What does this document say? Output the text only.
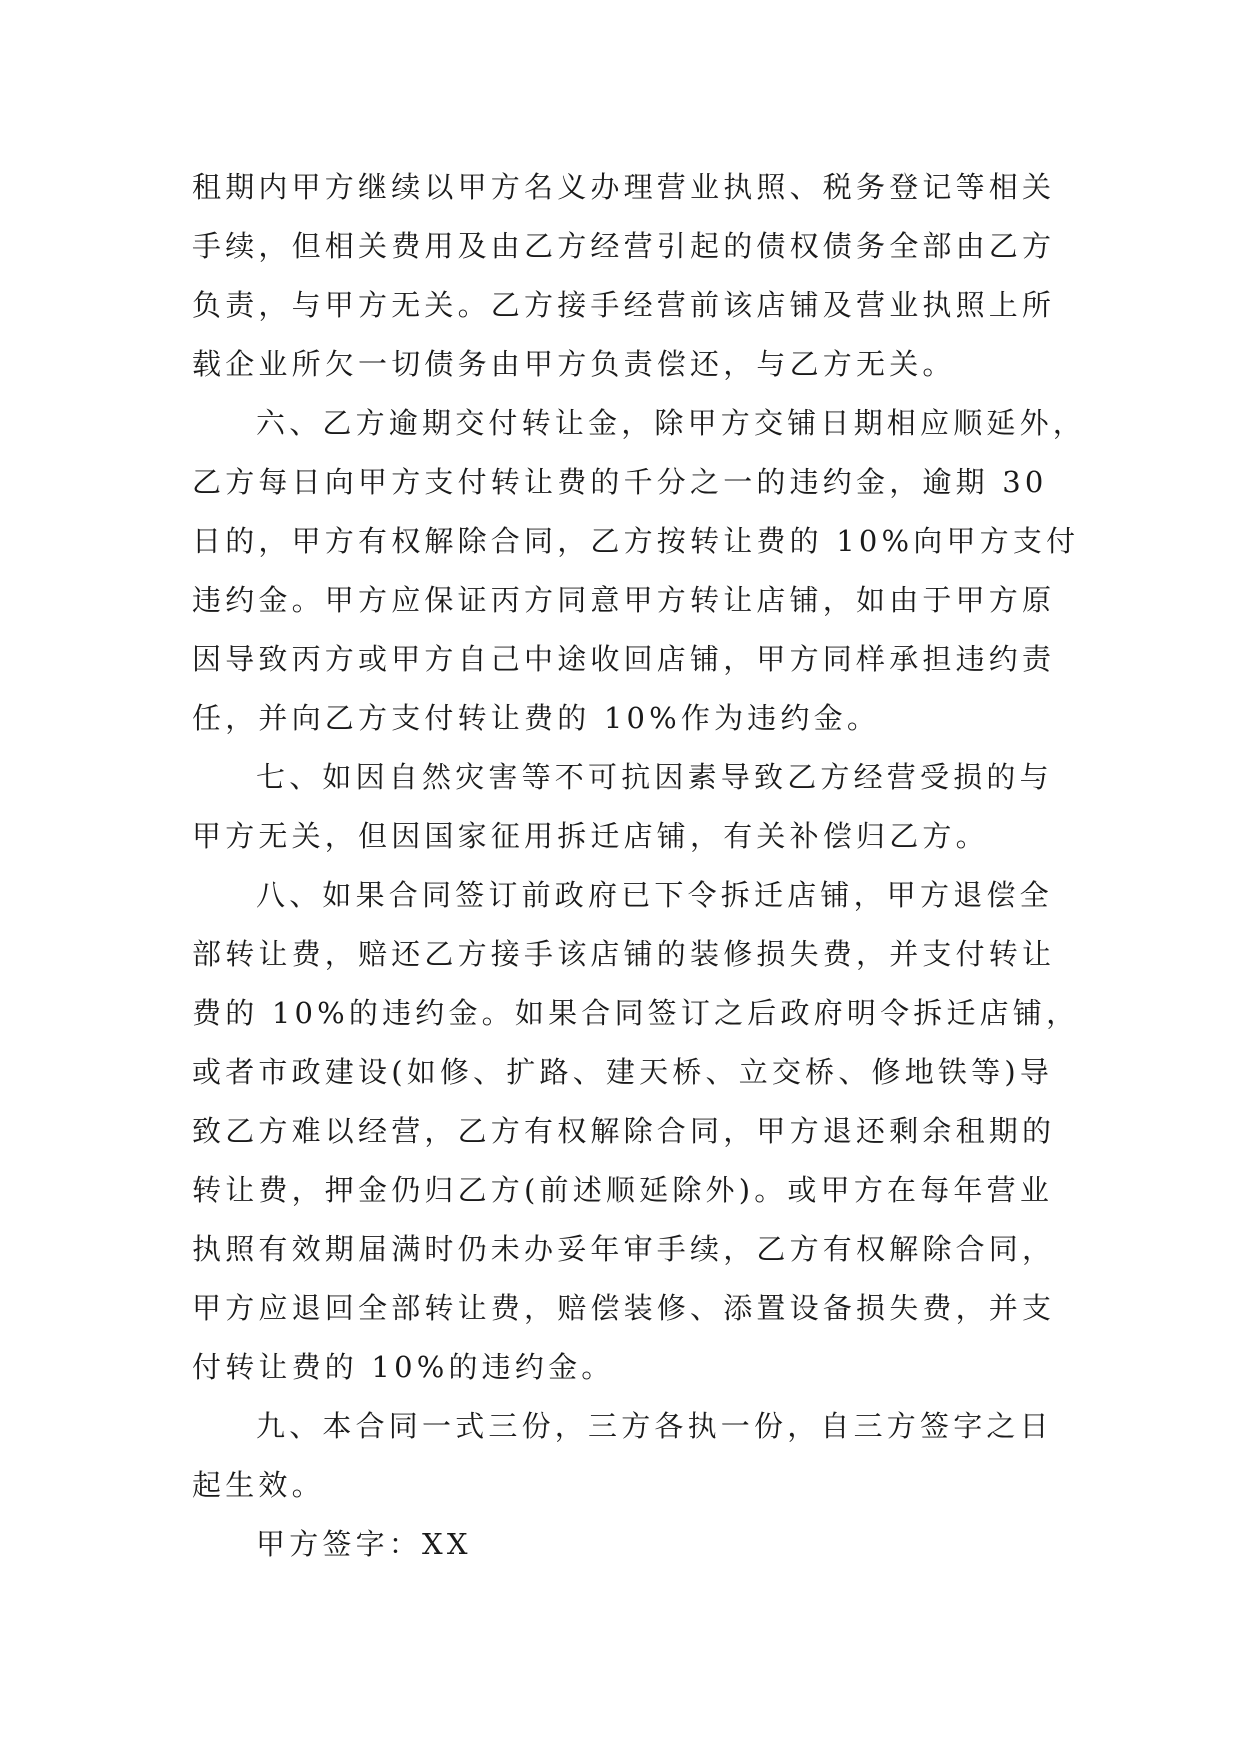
租期内甲方继续以甲方名义办理营业执照、税务登记等相关
手续，但相关费用及由乙方经营引起的债权债务全部由乙方
负责，与甲方无关。乙方接手经营前该店铺及营业执照上所
载企业所欠一切债务由甲方负责偿还，与乙方无关。
六、乙方逾期交付转让金，除甲方交铺日期相应顺延外，
乙方每日向甲方支付转让费的千分之一的违约金，逾期 30
日的，甲方有权解除合同，乙方按转让费的 10%向甲方支付
违约金。甲方应保证丙方同意甲方转让店铺，如由于甲方原
因导致丙方或甲方自己中途收回店铺，甲方同样承担违约责
任，并向乙方支付转让费的 10%作为违约金。
七、如因自然灾害等不可抗因素导致乙方经营受损的与
甲方无关，但因国家征用拆迁店铺，有关补偿归乙方。
八、如果合同签订前政府已下令拆迁店铺，甲方退偿全
部转让费，赔还乙方接手该店铺的装修损失费，并支付转让
费的 10%的违约金。如果合同签订之后政府明令拆迁店铺，
或者市政建设(如修、扩路、建天桥、立交桥、修地铁等)导
致乙方难以经营，乙方有权解除合同，甲方退还剩余租期的
转让费，押金仍归乙方(前述顺延除外)。或甲方在每年营业
执照有效期届满时仍未办妥年审手续，乙方有权解除合同，
甲方应退回全部转让费，赔偿装修、添置设备损失费，并支
付转让费的 10%的违约金。
九、本合同一式三份，三方各执一份，自三方签字之日
起生效。
甲方签字：XX
